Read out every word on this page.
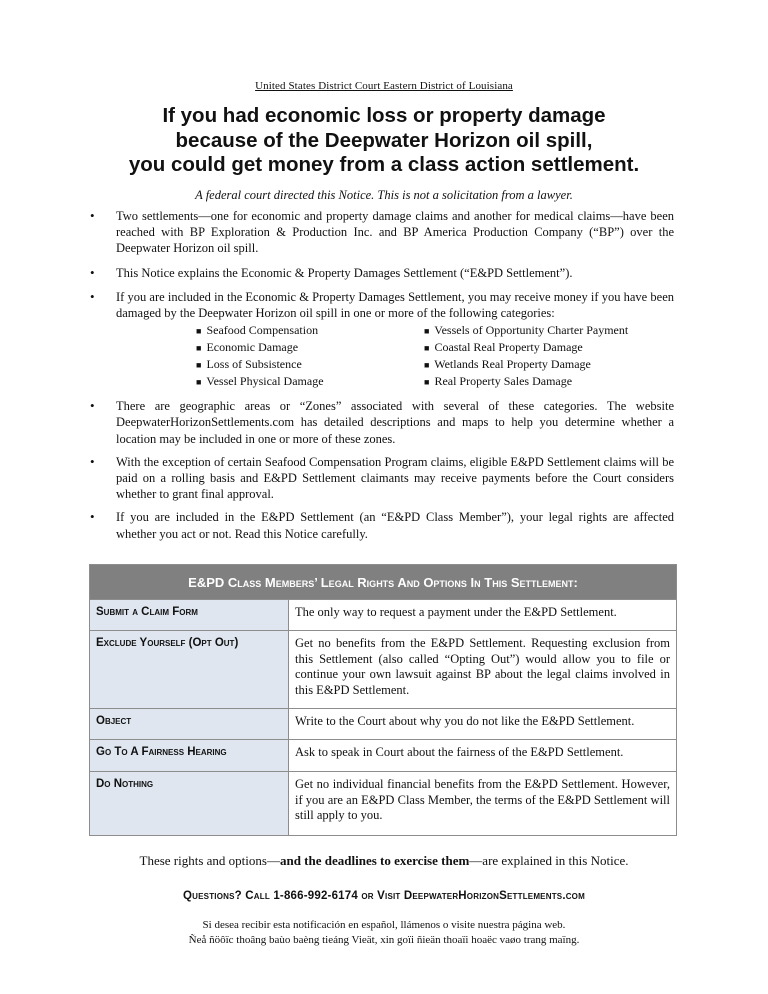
United States District Court Eastern District of Louisiana
If you had economic loss or property damage
because of the Deepwater Horizon oil spill,
you could get money from a class action settlement.
A federal court directed this Notice. This is not a solicitation from a lawyer.
• Two settlements—one for economic and property damage claims and another for medical claims—have been reached with BP Exploration & Production Inc. and BP America Production Company (“BP”) over the Deepwater Horizon oil spill.
• This Notice explains the Economic & Property Damages Settlement (“E&PD Settlement”).
• If you are included in the Economic & Property Damages Settlement, you may receive money if you have been damaged by the Deepwater Horizon oil spill in one or more of the following categories:
■ Seafood Compensation
■ Economic Damage
■ Loss of Subsistence
■ Vessel Physical Damage
■ Vessels of Opportunity Charter Payment
■ Coastal Real Property Damage
■ Wetlands Real Property Damage
■ Real Property Sales Damage
• There are geographic areas or “Zones” associated with several of these categories. The website DeepwaterHorizonSettlements.com has detailed descriptions and maps to help you determine whether a location may be included in one or more of these zones.
• With the exception of certain Seafood Compensation Program claims, eligible E&PD Settlement claims will be paid on a rolling basis and E&PD Settlement claimants may receive payments before the Court considers whether to grant final approval.
• If you are included in the E&PD Settlement (an “E&PD Class Member”), your legal rights are affected whether you act or not. Read this Notice carefully.
E&PD Class Members’ Legal Rights And Options In This Settlement:	
Submit a Claim Form	The only way to request a payment under the E&PD Settlement.
Exclude Yourself (Opt Out)	Get no benefits from the E&PD Settlement. Requesting exclusion from this Settlement (also called “Opting Out”) would allow you to file or continue your own lawsuit against BP about the legal claims involved in this E&PD Settlement.
Object	Write to the Court about why you do not like the E&PD Settlement.
Go To A Fairness Hearing	Ask to speak in Court about the fairness of the E&PD Settlement.
Do Nothing	Get no individual financial benefits from the E&PD Settlement. However, if you are an E&PD Class Member, the terms of the E&PD Settlement will still apply to you.
These rights and options—and the deadlines to exercise them—are explained in this Notice.
Questions? Call 1-866-992-6174 or Visit DeepwaterHorizonSettlements.com
Si desea recibir esta notificación en español, llámenos o visite nuestra página web.
Ñeå ñöôïc thoâng baùo baèng tieáng Vieät, xin goïi ñieän thoaïi hoaëc vaøo trang maïng.
